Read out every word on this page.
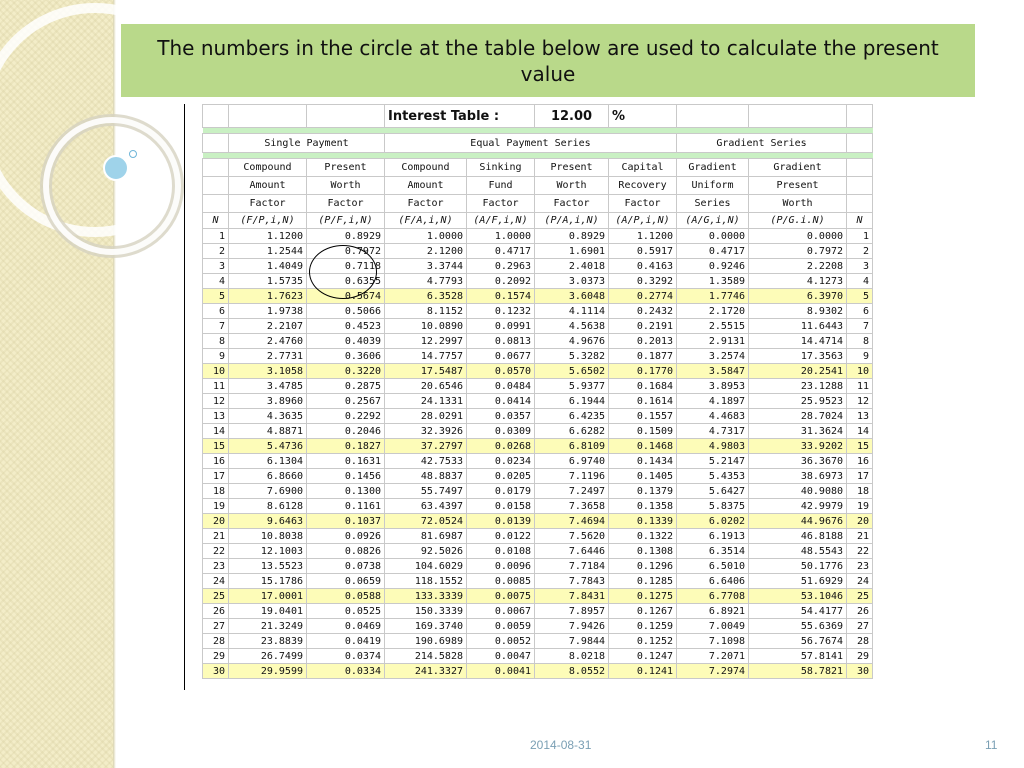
The numbers in the circle at the table below are used to calculate the present value
			Interest Table :		12.00	%			

	Single Payment		Equal Payment Series				Gradient Series		

	Compound	Present	Compound	Sinking	Present	Capital	Gradient	Gradient	
	Amount	Worth	Amount	Fund	Worth	Recovery	Uniform	Present	
	Factor	Factor	Factor	Factor	Factor	Factor	Series	Worth	
N	(F/P,i,N)	(P/F,i,N)	(F/A,i,N)	(A/F,i,N)	(P/A,i,N)	(A/P,i,N)	(A/G,i,N)	(P/G.i.N)	N
1	1.1200	0.8929	1.0000	1.0000	0.8929	1.1200	0.0000	0.0000	1
2	1.2544	0.7972	2.1200	0.4717	1.6901	0.5917	0.4717	0.7972	2
3	1.4049	0.7118	3.3744	0.2963	2.4018	0.4163	0.9246	2.2208	3
4	1.5735	0.6355	4.7793	0.2092	3.0373	0.3292	1.3589	4.1273	4
5	1.7623	0.5674	6.3528	0.1574	3.6048	0.2774	1.7746	6.3970	5
6	1.9738	0.5066	8.1152	0.1232	4.1114	0.2432	2.1720	8.9302	6
7	2.2107	0.4523	10.0890	0.0991	4.5638	0.2191	2.5515	11.6443	7
8	2.4760	0.4039	12.2997	0.0813	4.9676	0.2013	2.9131	14.4714	8
9	2.7731	0.3606	14.7757	0.0677	5.3282	0.1877	3.2574	17.3563	9
10	3.1058	0.3220	17.5487	0.0570	5.6502	0.1770	3.5847	20.2541	10
11	3.4785	0.2875	20.6546	0.0484	5.9377	0.1684	3.8953	23.1288	11
12	3.8960	0.2567	24.1331	0.0414	6.1944	0.1614	4.1897	25.9523	12
13	4.3635	0.2292	28.0291	0.0357	6.4235	0.1557	4.4683	28.7024	13
14	4.8871	0.2046	32.3926	0.0309	6.6282	0.1509	4.7317	31.3624	14
15	5.4736	0.1827	37.2797	0.0268	6.8109	0.1468	4.9803	33.9202	15
16	6.1304	0.1631	42.7533	0.0234	6.9740	0.1434	5.2147	36.3670	16
17	6.8660	0.1456	48.8837	0.0205	7.1196	0.1405	5.4353	38.6973	17
18	7.6900	0.1300	55.7497	0.0179	7.2497	0.1379	5.6427	40.9080	18
19	8.6128	0.1161	63.4397	0.0158	7.3658	0.1358	5.8375	42.9979	19
20	9.6463	0.1037	72.0524	0.0139	7.4694	0.1339	6.0202	44.9676	20
21	10.8038	0.0926	81.6987	0.0122	7.5620	0.1322	6.1913	46.8188	21
22	12.1003	0.0826	92.5026	0.0108	7.6446	0.1308	6.3514	48.5543	22
23	13.5523	0.0738	104.6029	0.0096	7.7184	0.1296	6.5010	50.1776	23
24	15.1786	0.0659	118.1552	0.0085	7.7843	0.1285	6.6406	51.6929	24
25	17.0001	0.0588	133.3339	0.0075	7.8431	0.1275	6.7708	53.1046	25
26	19.0401	0.0525	150.3339	0.0067	7.8957	0.1267	6.8921	54.4177	26
27	21.3249	0.0469	169.3740	0.0059	7.9426	0.1259	7.0049	55.6369	27
28	23.8839	0.0419	190.6989	0.0052	7.9844	0.1252	7.1098	56.7674	28
29	26.7499	0.0374	214.5828	0.0047	8.0218	0.1247	7.2071	57.8141	29
30	29.9599	0.0334	241.3327	0.0041	8.0552	0.1241	7.2974	58.7821	30
2014-08-31	11
